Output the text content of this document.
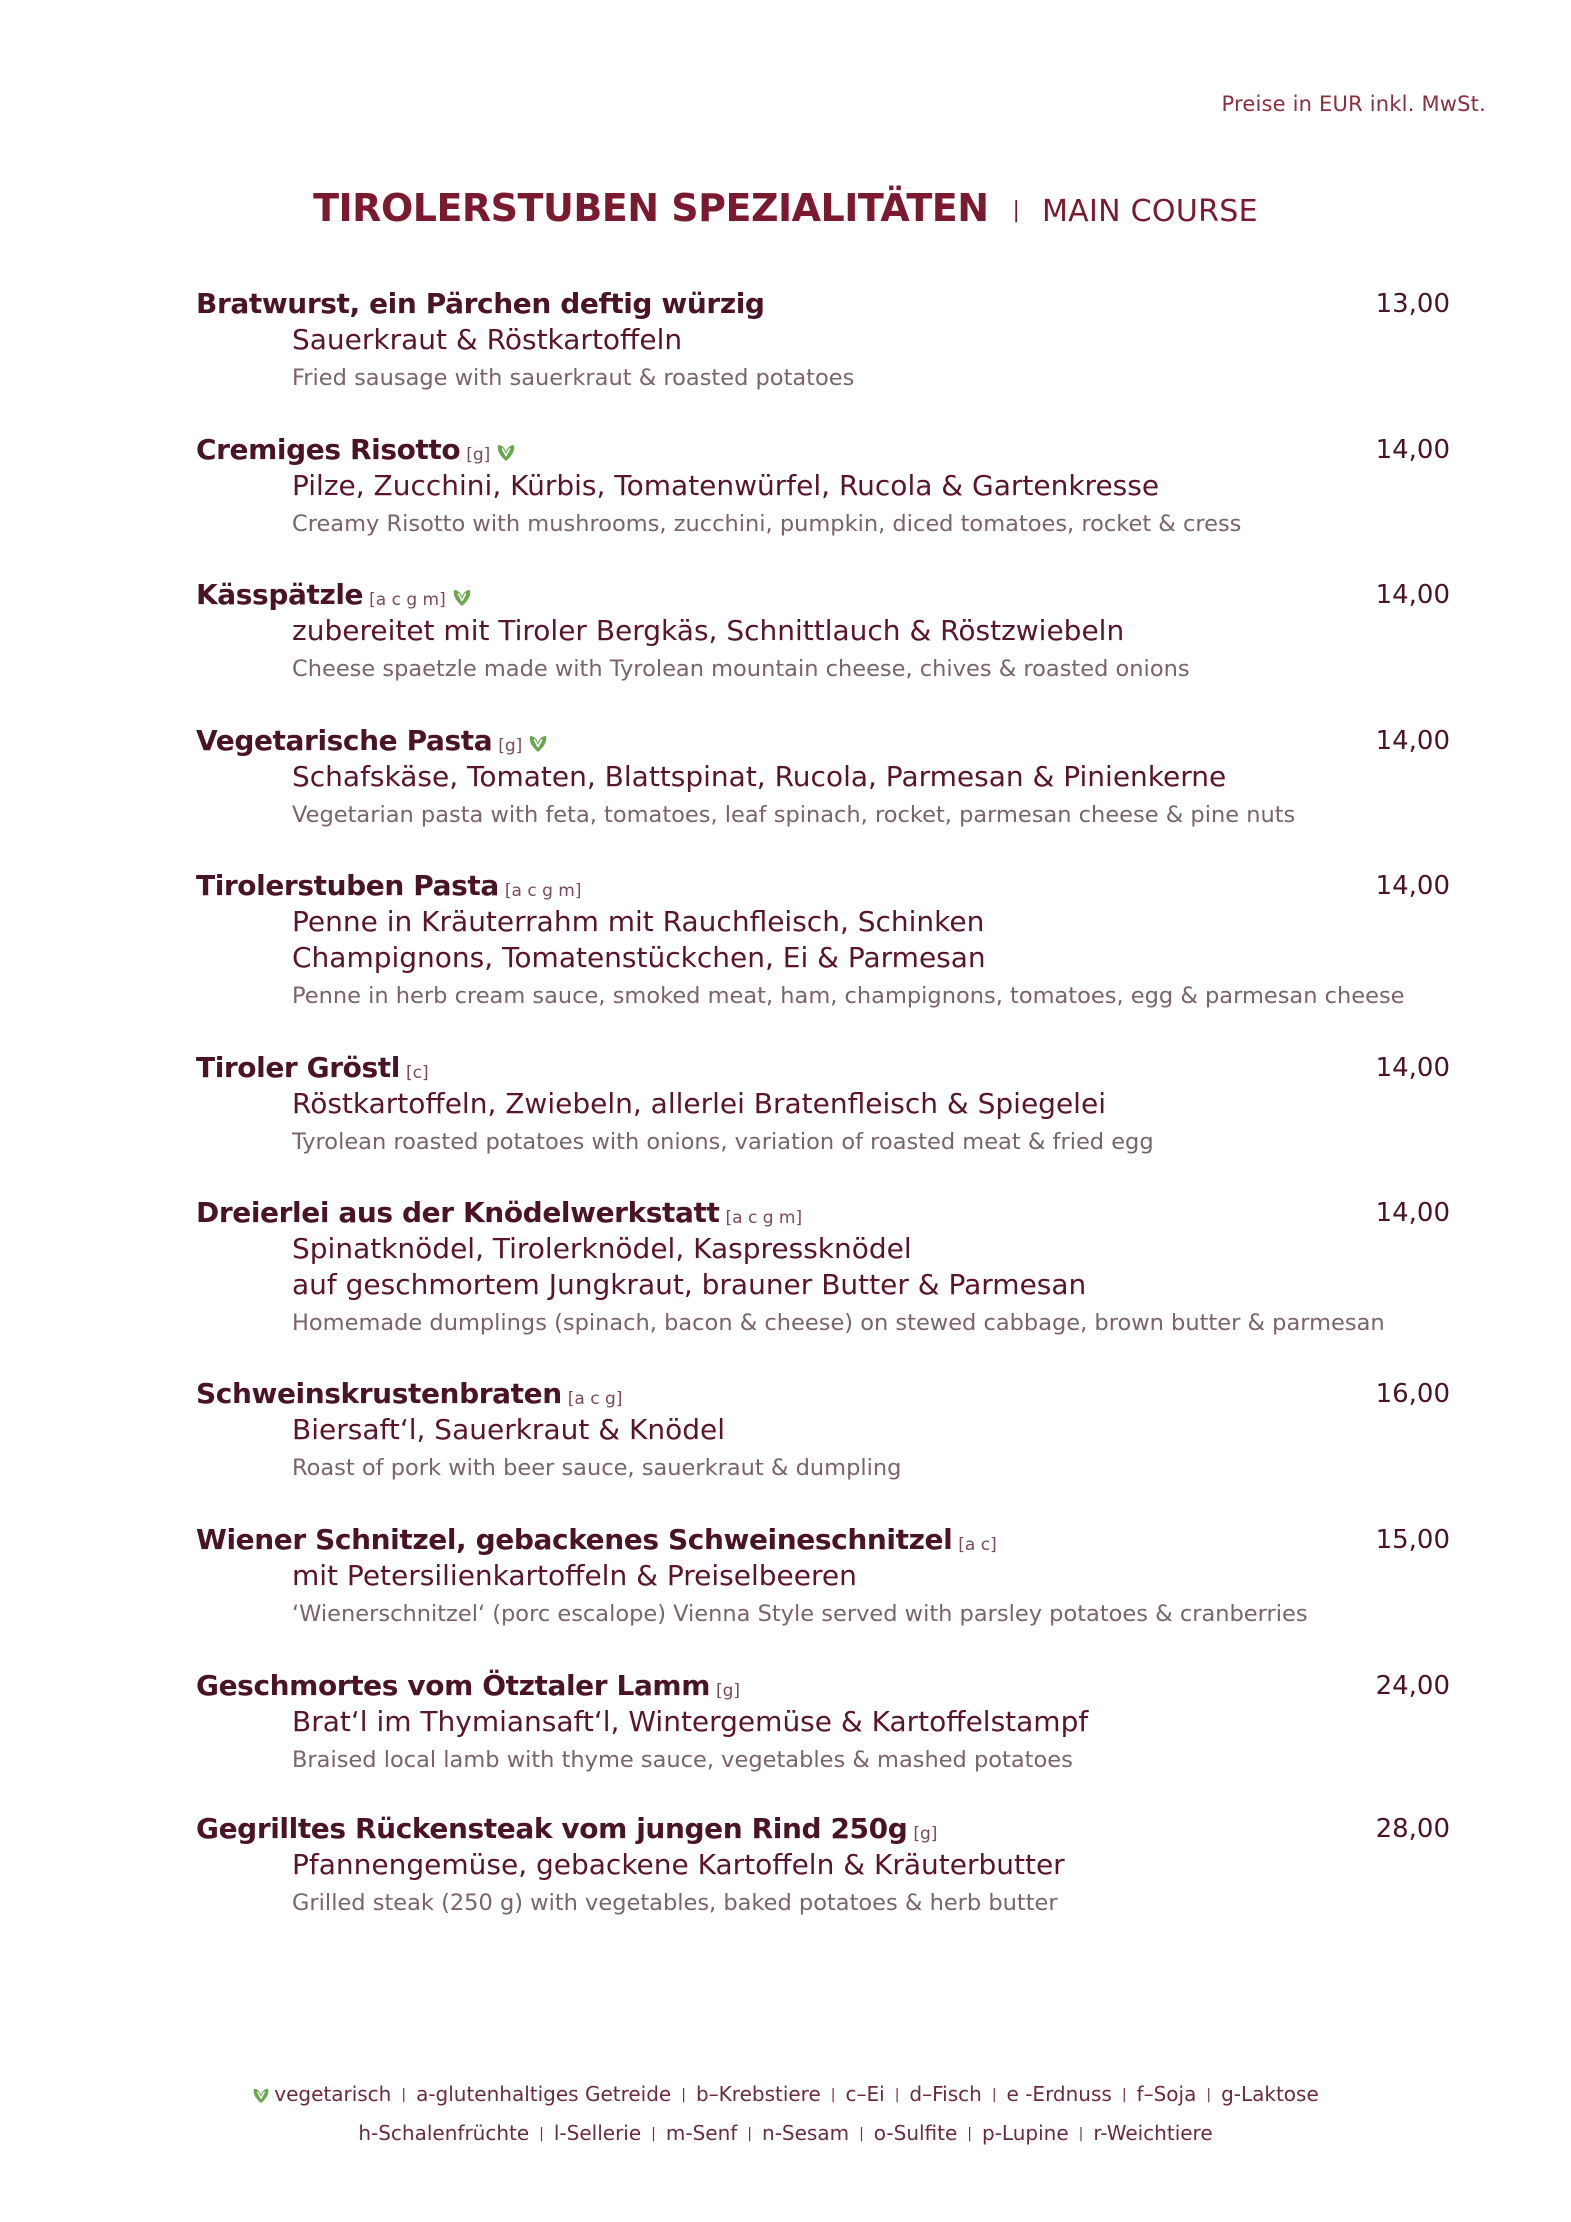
Preise in EUR inkl. MwSt.
TIROLERSTUBEN SPEZIALITÄTEN | MAIN COURSE
Bratwurst, ein Pärchen deftig würzig	13,00
Sauerkraut & Röstkartoffeln
Fried sausage with sauerkraut & roasted potatoes
Cremiges Risotto [g]	14,00
Pilze, Zucchini, Kürbis, Tomatenwürfel, Rucola & Gartenkresse
Creamy Risotto with mushrooms, zucchini, pumpkin, diced tomatoes, rocket & cress
Kässpätzle [a c g m]	14,00
zubereitet mit Tiroler Bergkäs, Schnittlauch & Röstzwiebeln
Cheese spaetzle made with Tyrolean mountain cheese, chives & roasted onions
Vegetarische Pasta [g]	14,00
Schafskäse, Tomaten, Blattspinat, Rucola, Parmesan & Pinienkerne
Vegetarian pasta with feta, tomatoes, leaf spinach, rocket, parmesan cheese & pine nuts
Tirolerstuben Pasta [a c g m]	14,00
Penne in Kräuterrahm mit Rauchfleisch, Schinken
Champignons, Tomatenstückchen, Ei & Parmesan
Penne in herb cream sauce, smoked meat, ham, champignons, tomatoes, egg & parmesan cheese
Tiroler Gröstl [c]	14,00
Röstkartoffeln, Zwiebeln, allerlei Bratenfleisch & Spiegelei
Tyrolean roasted potatoes with onions, variation of roasted meat & fried egg
Dreierlei aus der Knödelwerkstatt [a c g m]	14,00
Spinatknödel, Tirolerknödel, Kaspressknödel
auf geschmortem Jungkraut, brauner Butter & Parmesan
Homemade dumplings (spinach, bacon & cheese) on stewed cabbage, brown butter & parmesan
Schweinskrustenbraten [a c g]	16,00
Biersaft‘l, Sauerkraut & Knödel
Roast of pork with beer sauce, sauerkraut & dumpling
Wiener Schnitzel, gebackenes Schweineschnitzel [a c]	15,00
mit Petersilienkartoffeln & Preiselbeeren
‘Wienerschnitzel‘ (porc escalope) Vienna Style served with parsley potatoes & cranberries
Geschmortes vom Ötztaler Lamm [g]	24,00
Brat‘l im Thymiansaft‘l, Wintergemüse & Kartoffelstampf
Braised local lamb with thyme sauce, vegetables & mashed potatoes
Gegrilltes Rückensteak vom jungen Rind 250g [g]	28,00
Pfannengemüse, gebackene Kartoffeln & Kräuterbutter
Grilled steak (250 g) with vegetables, baked potatoes & herb butter
vegetarisch | a-glutenhaltiges Getreide | b–Krebstiere | c–Ei | d–Fisch | e -Erdnuss | f–Soja | g-Laktose
h-Schalenfrüchte | l-Sellerie | m-Senf | n-Sesam | o-Sulfite | p-Lupine | r-Weichtiere
